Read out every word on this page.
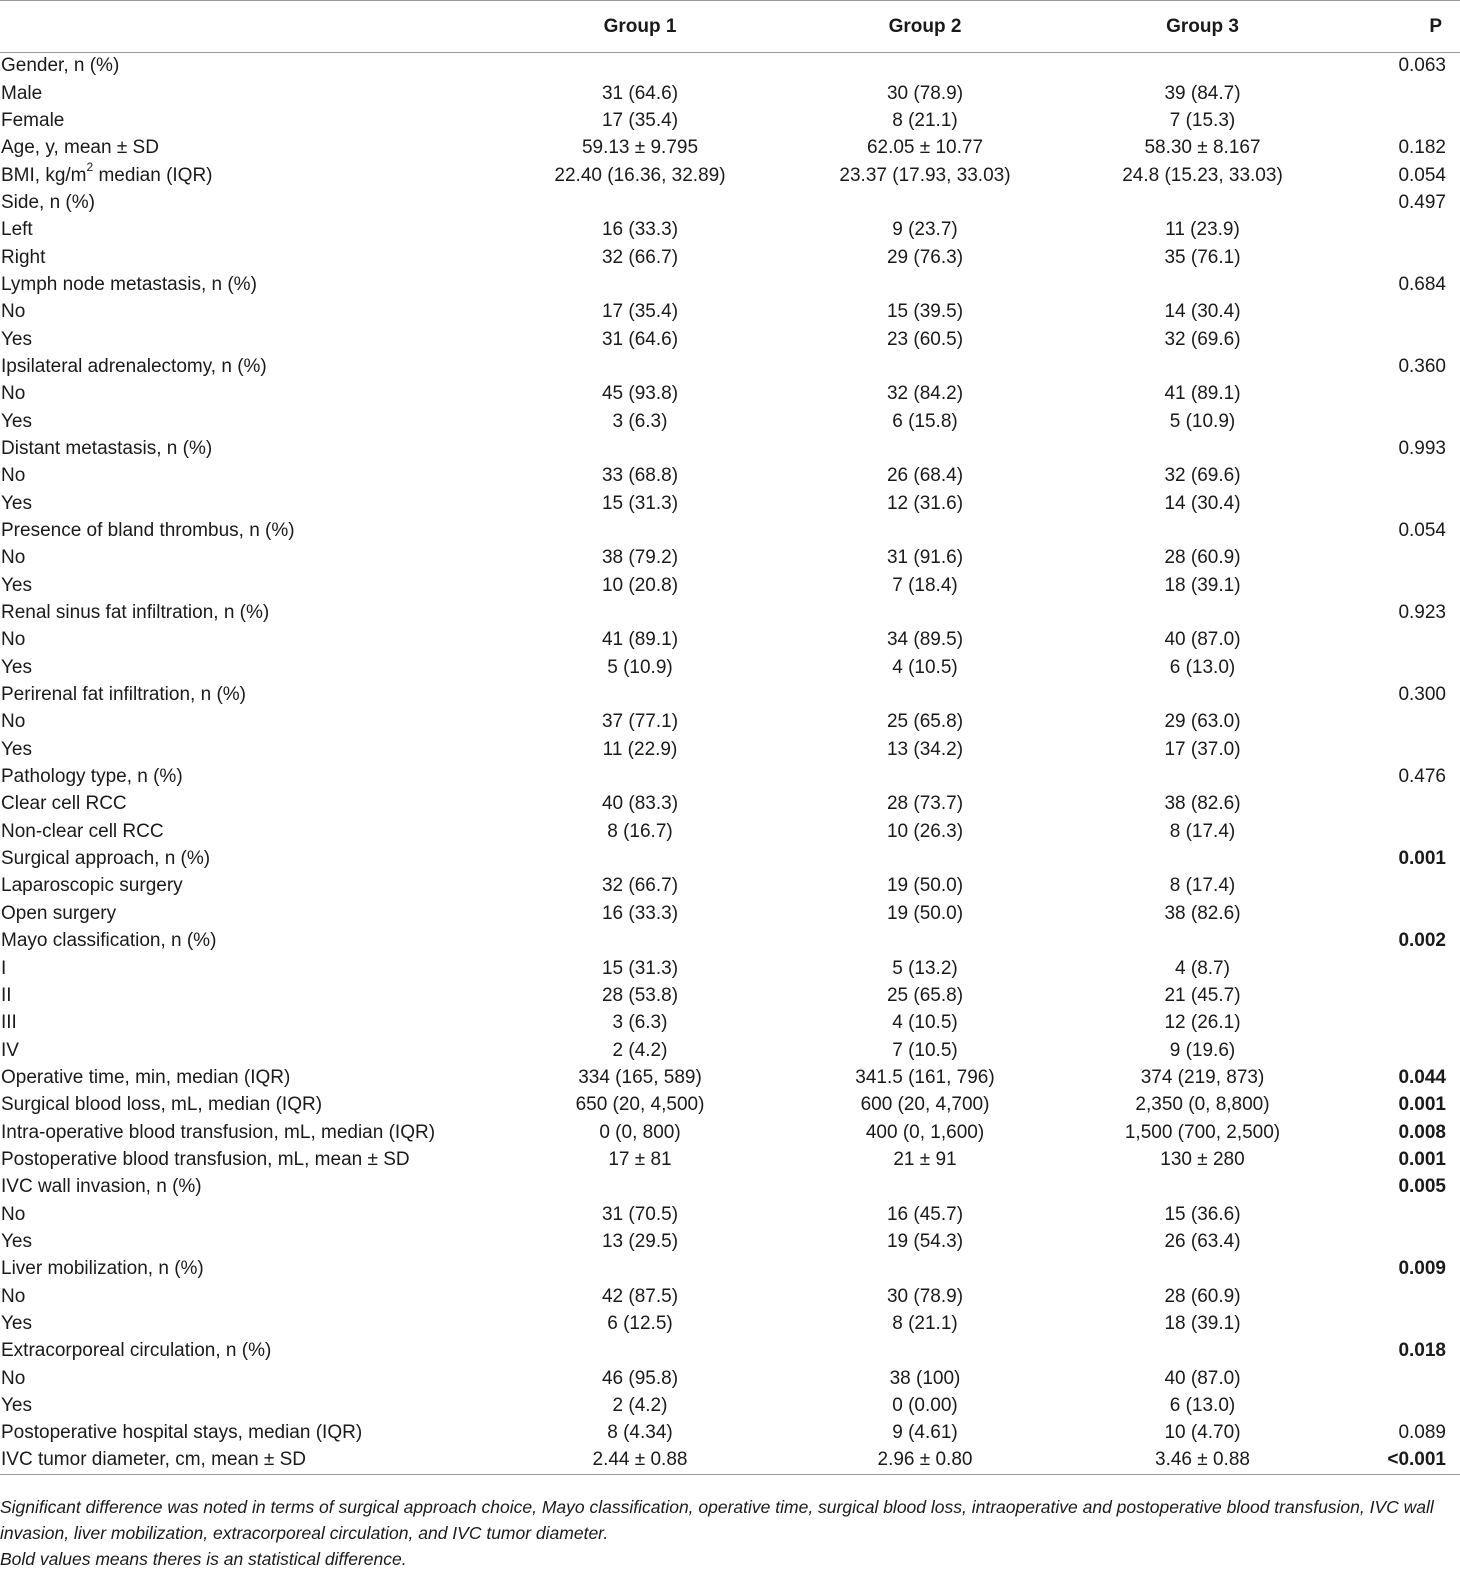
	Group 1	Group 2	Group 3	P
Gender, n (%)				0.063
Male	31 (64.6)	30 (78.9)	39 (84.7)	
Female	17 (35.4)	8 (21.1)	7 (15.3)	
Age, y, mean ± SD	59.13 ± 9.795	62.05 ± 10.77	58.30 ± 8.167	0.182
BMI, $kg/m^2$ median (IQR)	22.40 (16.36, 32.89)	23.37 (17.93, 33.03)	24.8 (15.23, 33.03)	0.054
Side, n (%)				0.497
Left	16 (33.3)	9 (23.7)	11 (23.9)	
Right	32 (66.7)	29 (76.3)	35 (76.1)	
Lymph node metastasis, n (%)				0.684
No	17 (35.4)	15 (39.5)	14 (30.4)	
Yes	31 (64.6)	23 (60.5)	32 (69.6)	
Ipsilateral adrenalectomy, n (%)				0.360
No	45 (93.8)	32 (84.2)	41 (89.1)	
Yes	3 (6.3)	6 (15.8)	5 (10.9)	
Distant metastasis, n (%)				0.993
No	33 (68.8)	26 (68.4)	32 (69.6)	
Yes	15 (31.3)	12 (31.6)	14 (30.4)	
Presence of bland thrombus, n (%)				0.054
No	38 (79.2)	31 (91.6)	28 (60.9)	
Yes	10 (20.8)	7 (18.4)	18 (39.1)	
Renal sinus fat infiltration, n (%)				0.923
No	41 (89.1)	34 (89.5)	40 (87.0)	
Yes	5 (10.9)	4 (10.5)	6 (13.0)	
Perirenal fat infiltration, n (%)				0.300
No	37 (77.1)	25 (65.8)	29 (63.0)	
Yes	11 (22.9)	13 (34.2)	17 (37.0)	
Pathology type, n (%)				0.476
Clear cell RCC	40 (83.3)	28 (73.7)	38 (82.6)	
Non-clear cell RCC	8 (16.7)	10 (26.3)	8 (17.4)	
Surgical approach, n (%)				0.001
Laparoscopic surgery	32 (66.7)	19 (50.0)	8 (17.4)	
Open surgery	16 (33.3)	19 (50.0)	38 (82.6)	
Mayo classification, n (%)				0.002
I	15 (31.3)	5 (13.2)	4 (8.7)	
II	28 (53.8)	25 (65.8)	21 (45.7)	
III	3 (6.3)	4 (10.5)	12 (26.1)	
IV	2 (4.2)	7 (10.5)	9 (19.6)	
Operative time, min, median (IQR)	334 (165, 589)	341.5 (161, 796)	374 (219, 873)	0.044
Surgical blood loss, mL, median (IQR)	650 (20, 4,500)	600 (20, 4,700)	2,350 (0, 8,800)	0.001
Intra-operative blood transfusion, mL, median (IQR)	0 (0, 800)	400 (0, 1,600)	1,500 (700, 2,500)	0.008
Postoperative blood transfusion, mL, mean ± SD	17 ± 81	21 ± 91	130 ± 280	0.001
IVC wall invasion, n (%)				0.005
No	31 (70.5)	16 (45.7)	15 (36.6)	
Yes	13 (29.5)	19 (54.3)	26 (63.4)	
Liver mobilization, n (%)				0.009
No	42 (87.5)	30 (78.9)	28 (60.9)	
Yes	6 (12.5)	8 (21.1)	18 (39.1)	
Extracorporeal circulation, n (%)				0.018
No	46 (95.8)	38 (100)	40 (87.0)	
Yes	2 (4.2)	0 (0.00)	6 (13.0)	
Postoperative hospital stays, median (IQR)	8 (4.34)	9 (4.61)	10 (4.70)	0.089
IVC tumor diameter, cm, mean ± SD	2.44 ± 0.88	2.96 ± 0.80	3.46 ± 0.88	<0.001

Significant difference was noted in terms of surgical approach choice, Mayo classification, operative time, surgical blood loss, intraoperative and postoperative blood transfusion, IVC wall invasion, liver mobilization, extracorporeal circulation, and IVC tumor diameter.

Bold values means theres is an statistical difference.
